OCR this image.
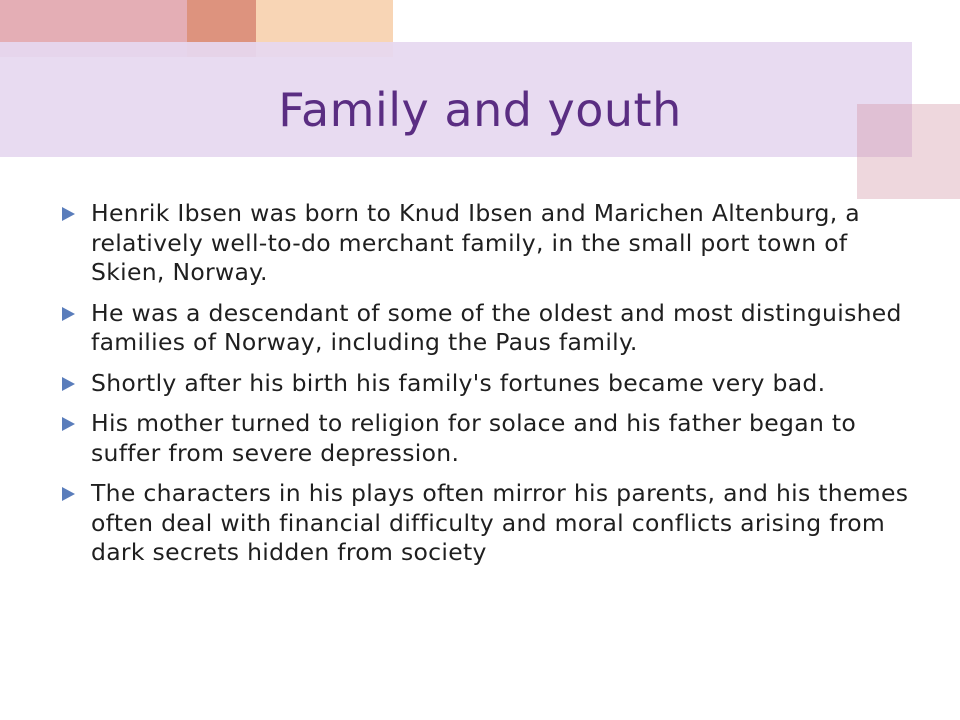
Family and youth
Henrik Ibsen was born to Knud Ibsen and Marichen Altenburg, a relatively well-to-do merchant family, in the small port town of Skien, Norway.
He was a descendant of some of the oldest and most distinguished families of Norway, including the Paus family.
Shortly after his birth his family's fortunes became very bad.
His mother turned to religion for solace and his father began to suffer from severe depression.
The characters in his plays often mirror his parents, and his themes often deal with financial difficulty and moral conflicts arising from dark secrets hidden from society
